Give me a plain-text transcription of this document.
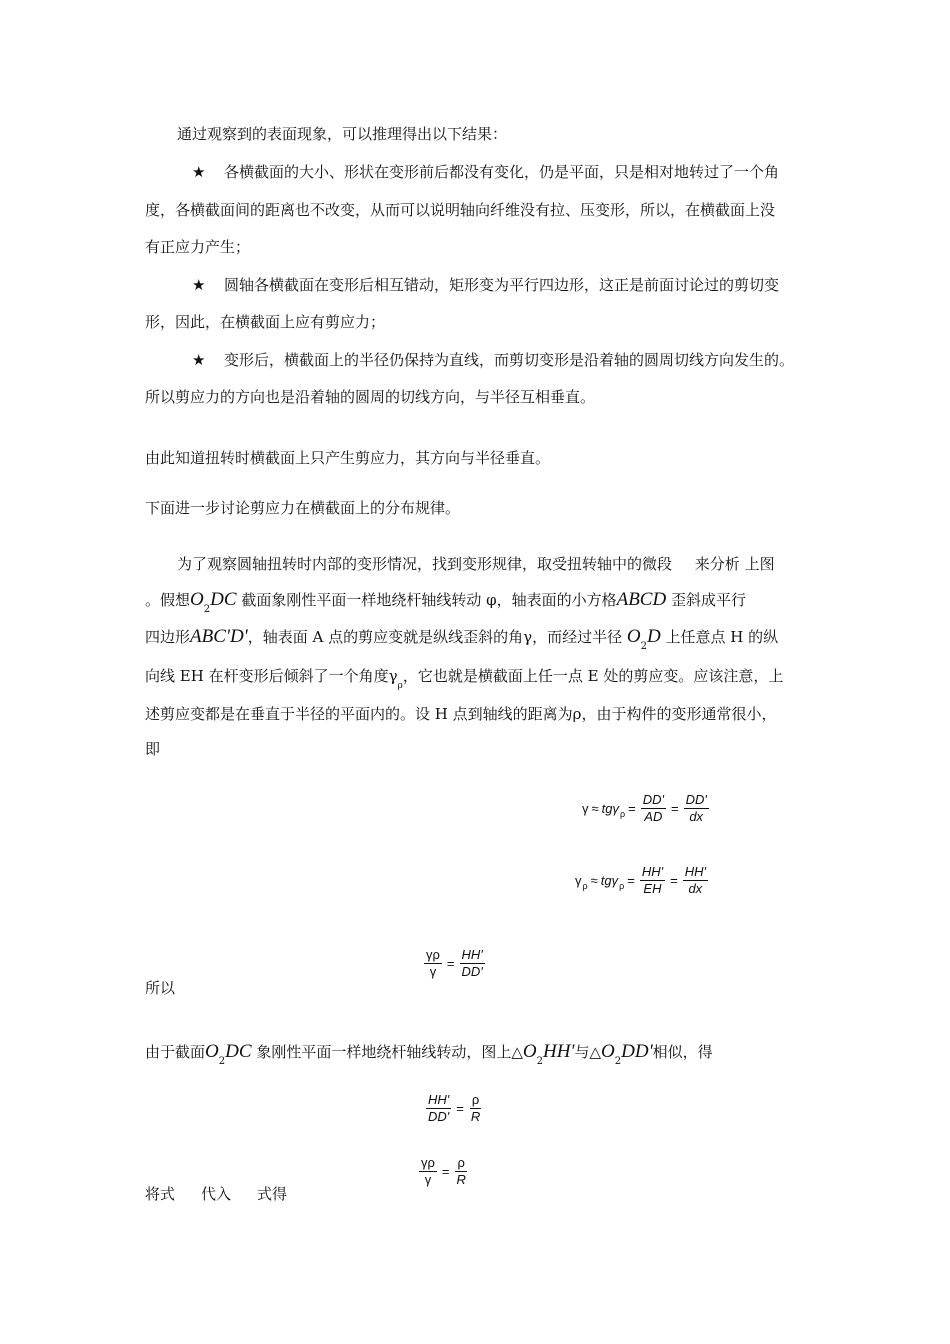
通过观察到的表面现象，可以推理得出以下结果：
★ 各横截面的大小、形状在变形前后都没有变化，仍是平面，只是相对地转过了一个角
度，各横截面间的距离也不改变，从而可以说明轴向纤维没有拉、压变形，所以，在横截面上没
有正应力产生；
★ 圆轴各横截面在变形后相互错动，矩形变为平行四边形，这正是前面讨论过的剪切变
形，因此，在横截面上应有剪应力；
★ 变形后，横截面上的半径仍保持为直线，而剪切变形是沿着轴的圆周切线方向发生的。
所以剪应力的方向也是沿着轴的圆周的切线方向，与半径互相垂直。
由此知道扭转时横截面上只产生剪应力，其方向与半径垂直。
下面进一步讨论剪应力在横截面上的分布规律。
为了观察圆轴扭转时内部的变形情况，找到变形规律，取受扭转轴中的微段 来分析 上图
。假想$O_2DC$ 截面象刚性平面一样地绕杆轴线转动 φ，轴表面的小方格ABCD 歪斜成平行
四边形ABC'D'，轴表面 A 点的剪应变就是纵线歪斜的角γ，而经过半径 $O_2D$ 上任意点 H 的纵
向线 EH 在杆变形后倾斜了一个角度$\gamma_\rho$，它也就是横截面上任一点 E 处的剪应变。应该注意，上
述剪应变都是在垂直于半径的平面内的。设 H 点到轴线的距离为ρ，由于构件的变形通常很小，
即
γ ≈ tgγ $\rho = \frac{DD'}{AD} = \frac{DD'}{dx}$
γ ρ ≈ tgγ $\rho = \frac{HH'}{EH} = \frac{HH'}{dx}$
$\frac{\gamma\rho}{\gamma} = \frac{HH'}{DD'}$
所以
由于截面$O_2DC$ 象刚性平面一样地绕杆轴线转动，图上$\triangle O_2HH'$与$\triangle O_2DD'$相似，得
$\frac{HH'}{DD'} = \frac{\rho}{R}$
$\frac{\gamma\rho}{\gamma} = \frac{\rho}{R}$
将式 代入 式得
